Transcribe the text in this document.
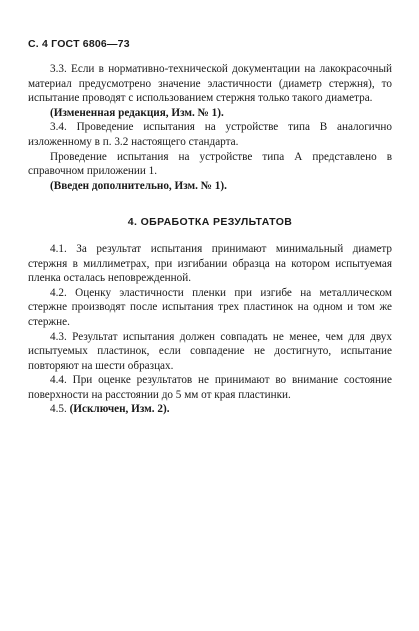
С. 4 ГОСТ 6806—73

3.3. Если в нормативно-технической документации на лакокрасочный материал предусмотрено значение эластичности (диаметр стержня), то испытание проводят с использованием стержня только такого диаметра.

(Измененная редакция, Изм. № 1).

3.4. Проведение испытания на устройстве типа В аналогично изложенному в п. 3.2 настоящего стандарта.

Проведение испытания на устройстве типа А представлено в справочном приложении 1.

(Введен дополнительно, Изм. № 1).

4. ОБРАБОТКА РЕЗУЛЬТАТОВ

4.1. За результат испытания принимают минимальный диаметр стержня в миллиметрах, при изгибании образца на котором испытуемая пленка осталась неповрежденной.

4.2. Оценку эластичности пленки при изгибе на металлическом стержне производят после испытания трех пластинок на одном и том же стержне.

4.3. Результат испытания должен совпадать не менее, чем для двух испытуемых пластинок, если совпадение не достигнуто, испытание повторяют на шести образцах.

4.4. При оценке результатов не принимают во внимание состояние поверхности на расстоянии до 5 мм от края пластинки.

4.5. (Исключен, Изм. 2).
